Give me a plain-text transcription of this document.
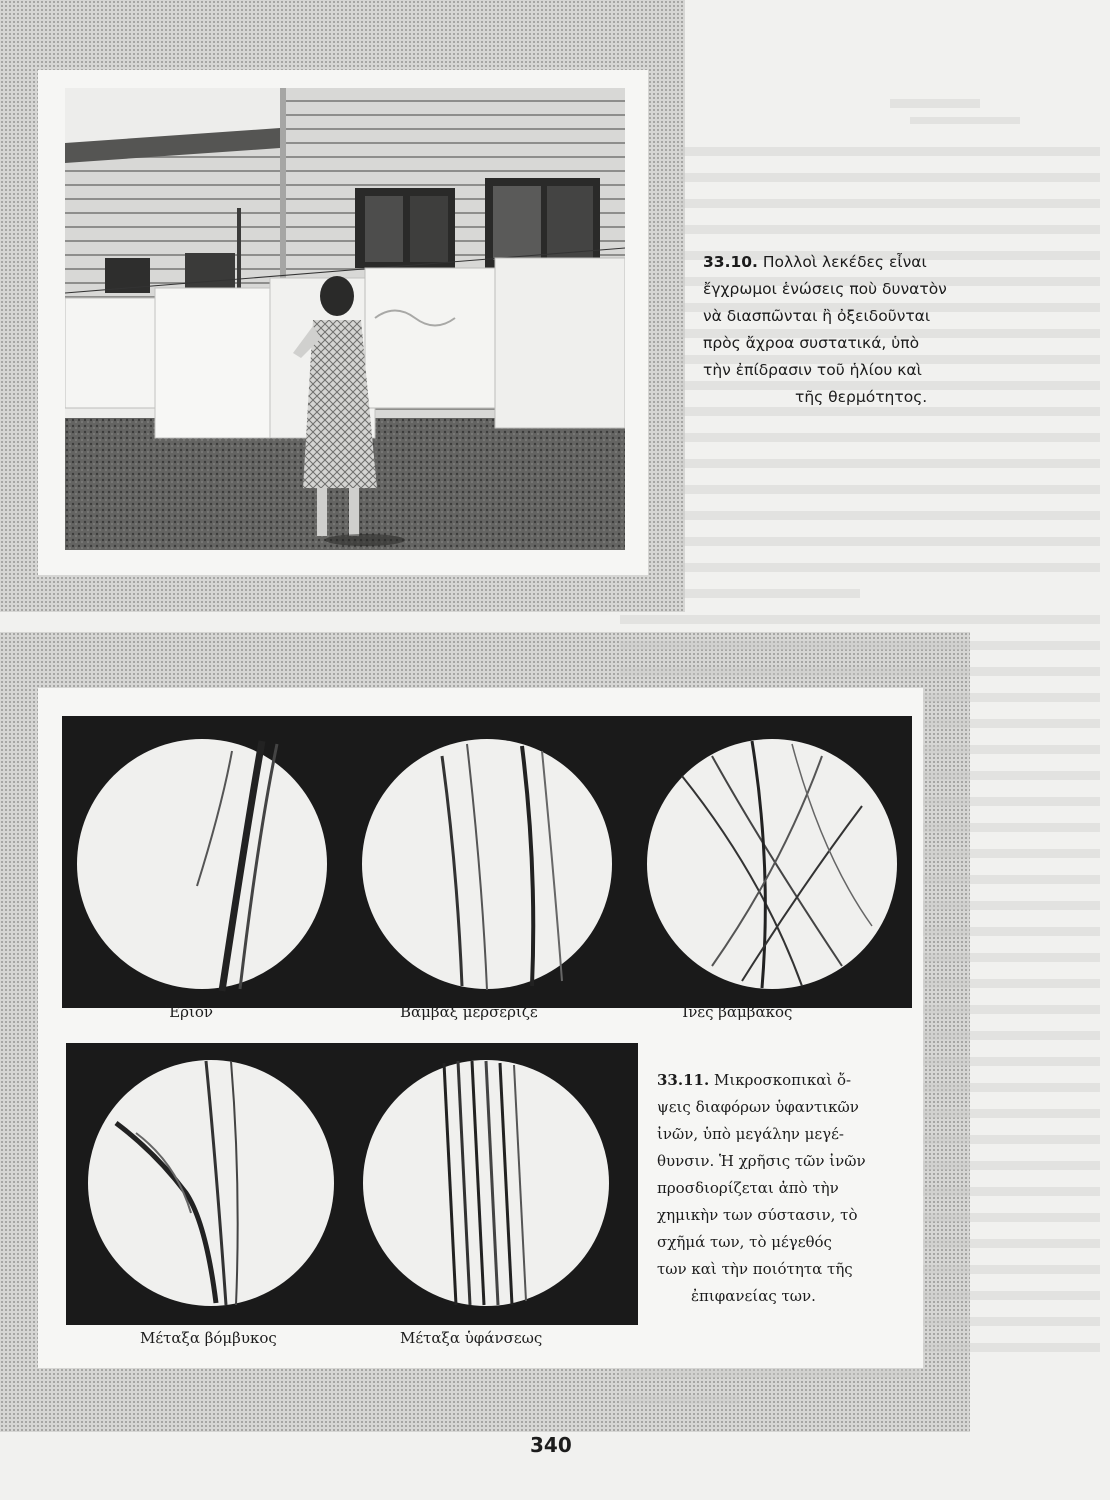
33.10. Πολλοὶ λεκέδες εἶναι
ἔγχρωμοι ἑνώσεις ποὺ δυνατὸν
νὰ διασπῶνται ἢ ὀξειδοῦνται
πρὸς ἄχροα συστατικά, ὑπὸ
τὴν ἐπίδρασιν τοῦ ἡλίου καὶ
τῆς θερμότητος.
Ἔριον	Βάμβαξ μερσεριζὲ	Ἴνες βάμβακος
Μέταξα βόμβυκος	Μέταξα ὑφάνσεως
33.11. Μικροσκοπικαὶ ὄ-
ψεις διαφόρων ὑφαντικῶν
ἰνῶν, ὑπὸ μεγάλην μεγέ-
θυνσιν. Ἡ χρῆσις τῶν ἰνῶν
προσδιορίζεται ἀπὸ τὴν
χημικὴν των σύστασιν, τὸ
σχῆμά των, τὸ μέγεθός
των καὶ τὴν ποιότητα τῆς
ἐπιφανείας των.
340
